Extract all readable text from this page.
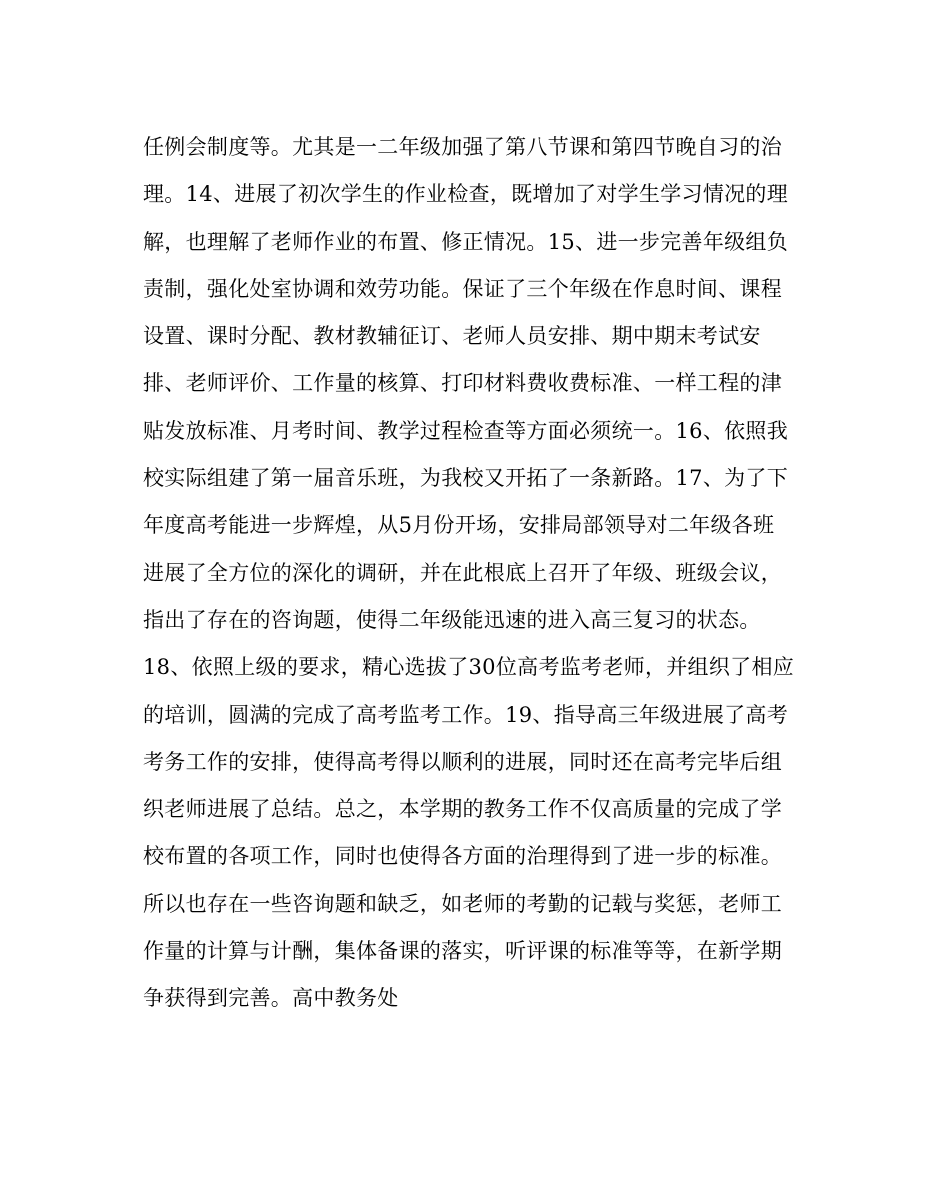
任例会制度等。尤其是一二年级加强了第八节课和第四节晚自习的治
理。14、进展了初次学生的作业检查，既增加了对学生学习情况的理
解，也理解了老师作业的布置、修正情况。15、进一步完善年级组负
责制，强化处室协调和效劳功能。保证了三个年级在作息时间、课程
设置、课时分配、教材教辅征订、老师人员安排、期中期末考试安
排、老师评价、工作量的核算、打印材料费收费标准、一样工程的津
贴发放标准、月考时间、教学过程检查等方面必须统一。16、依照我
校实际组建了第一届音乐班，为我校又开拓了一条新路。17、为了下
年度高考能进一步辉煌，从5月份开场，安排局部领导对二年级各班
进展了全方位的深化的调研，并在此根底上召开了年级、班级会议，
指出了存在的咨询题，使得二年级能迅速的进入高三复习的状态。
18、依照上级的要求，精心选拔了30位高考监考老师，并组织了相应
的培训，圆满的完成了高考监考工作。19、指导高三年级进展了高考
考务工作的安排，使得高考得以顺利的进展，同时还在高考完毕后组
织老师进展了总结。总之，本学期的教务工作不仅高质量的完成了学
校布置的各项工作，同时也使得各方面的治理得到了进一步的标准。
所以也存在一些咨询题和缺乏，如老师的考勤的记载与奖惩，老师工
作量的计算与计酬，集体备课的落实，听评课的标准等等，在新学期
争获得到完善。高中教务处
